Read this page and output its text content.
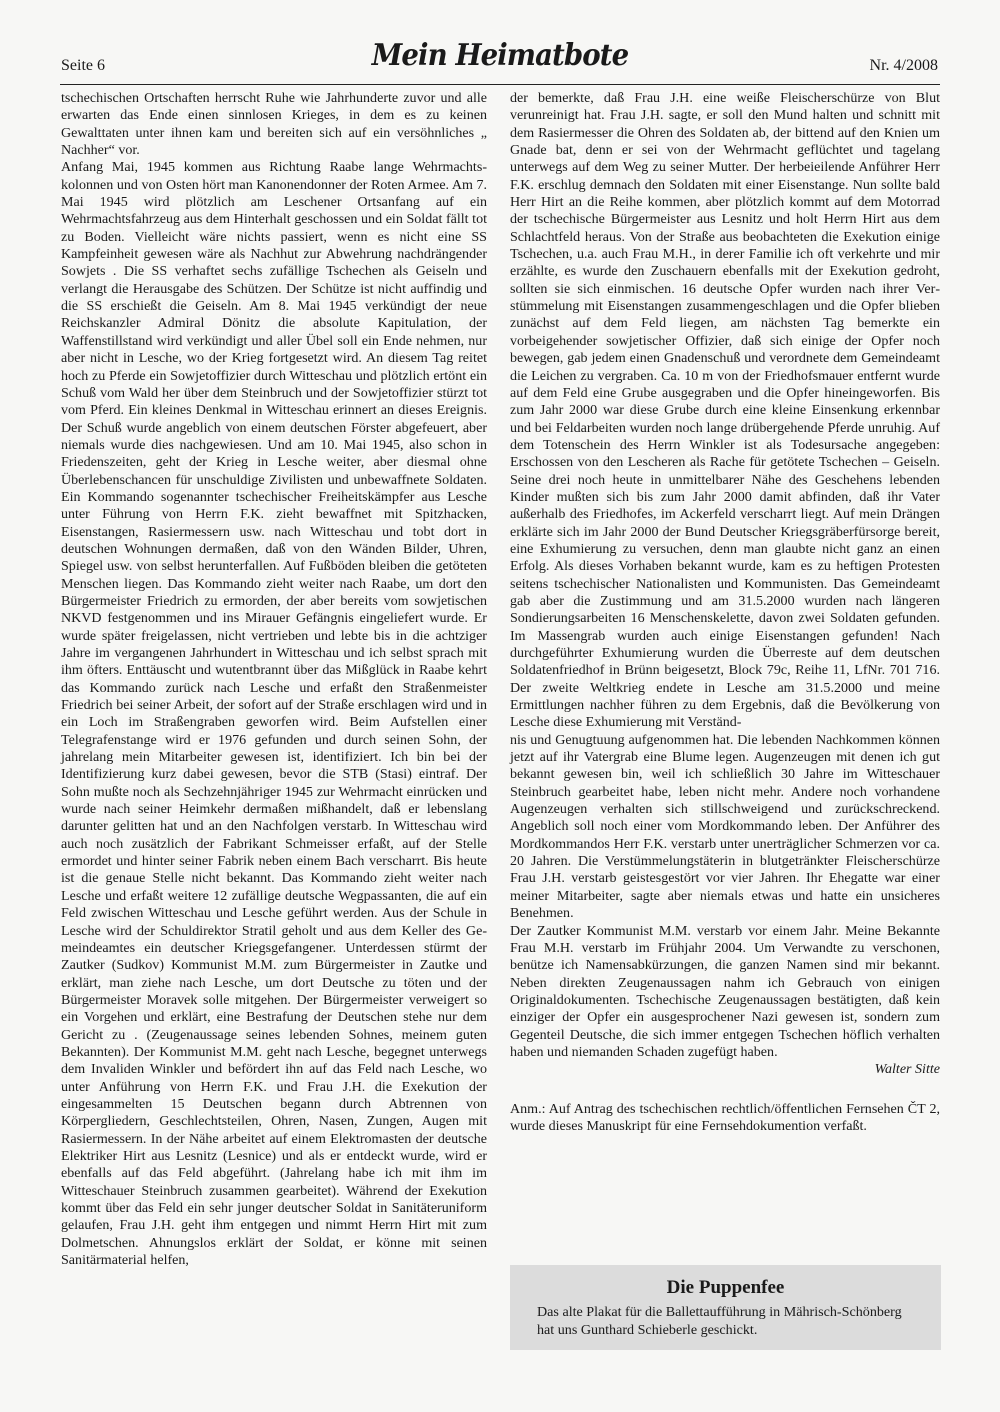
Seite 6	Mein Heimatbote	Nr. 4/2008

tschechischen Ortschaften herrscht Ruhe wie Jahrhunderte zuvor und alle erwarten das Ende einen sinnlosen Krieges, in dem es zu keinen Gewalttaten unter ihnen kam und bereiten sich auf ein versöhnliches „ Nachher“ vor.

Anfang Mai, 1945 kommen aus Richtung Raabe lange Wehrmachtskolonnen und von Osten hört man Kanonendonner der Roten Armee. Am 7. Mai 1945 wird plötzlich am Leschener Ortsanfang auf ein Wehrmachtsfahrzeug aus dem Hinterhalt geschossen und ein Soldat fällt tot zu Boden. Vielleicht wäre nichts passiert, wenn es nicht eine SS Kampfeinheit gewesen wäre als Nachhut zur Abwehrung nachdrängender Sowjets . Die SS verhaftet sechs zufällige Tschechen als Geiseln und verlangt die Herausgabe des Schützen. Der Schütze ist nicht auffindig und die SS erschießt die Geiseln. Am 8. Mai 1945 verkündigt der neue Reichskanzler Admiral Dönitz die absolute Kapitulation, der Waffenstillstand wird verkündigt und aller Übel soll ein Ende nehmen, nur aber nicht in Lesche, wo der Krieg fortgesetzt wird. An diesem Tag reitet hoch zu Pferde ein Sowjetoffizier durch Witteschau und plötzlich ertönt ein Schuß vom Wald her über dem Steinbruch und der Sowjetoffizier stürzt tot vom Pferd. Ein kleines Denkmal in Witteschau erinnert an dieses Ereignis. Der Schuß wurde angeblich von einem deutschen Förster abgefeuert, aber niemals wurde dies nachgewiesen. Und am 10. Mai 1945, also schon in Friedenszeiten, geht der Krieg in Lesche weiter, aber diesmal ohne Überlebenschancen für unschuldige Zivilisten und unbewaffnete Soldaten. Ein Kommando sogenannter tschechischer Freiheitskämpfer aus Lesche unter Führung von Herrn F.K. zieht bewaffnet mit Spitzhacken, Eisenstangen, Rasiermessern usw. nach Witteschau und tobt dort in deutschen Wohnungen dermaßen, daß von den Wänden Bilder, Uhren, Spiegel usw. von selbst herunterfallen. Auf Fußböden bleiben die getöteten Menschen liegen. Das Kommando zieht weiter nach Raabe, um dort den Bürgermeister Friedrich zu ermorden, der aber bereits vom sowjetischen NKVD festgenommen und ins Mirauer Gefängnis eingeliefert wurde. Er wurde später freigelassen, nicht vertrieben und lebte bis in die achtziger Jahre im vergangenen Jahrhundert in Witteschau und ich selbst sprach mit ihm öfters. Enttäuscht und wutentbrannt über das Mißglück in Raabe kehrt das Kommando zurück nach Lesche und erfaßt den Straßenmeister Friedrich bei seiner Arbeit, der sofort auf der Straße erschlagen wird und in ein Loch im Straßengraben geworfen wird. Beim Aufstellen einer Telegrafenstange wird er 1976 gefunden und durch seinen Sohn, der jahrelang mein Mitarbeiter gewesen ist, identifiziert. Ich bin bei der Identifizierung kurz dabei gewesen, bevor die STB (Stasi) eintraf. Der Sohn mußte noch als Sechzehnjähriger 1945 zur Wehrmacht einrücken und wurde nach seiner Heimkehr dermaßen mißhandelt, daß er lebenslang darunter gelitten hat und an den Nachfolgen verstarb. In Witteschau wird auch noch zusätzlich der Fabrikant Schmeisser erfaßt, auf der Stelle ermordet und hinter seiner Fabrik neben einem Bach verscharrt. Bis heute ist die genaue Stelle nicht bekannt. Das Kommando zieht weiter nach Lesche und erfaßt weitere 12 zufällige deutsche Wegpassanten, die auf ein Feld zwischen Witteschau und Lesche geführt werden. Aus der Schule in Lesche wird der Schuldirektor Stratil geholt und aus dem Keller des Gemeindeamtes ein deutscher Kriegsgefangener. Unterdessen stürmt der Zautker (Sudkov) Kommunist M.M. zum Bürgermeister in Zautke und erklärt, man ziehe nach Lesche, um dort Deutsche zu töten und der Bürgermeister Moravek solle mitgehen. Der Bürgermeister verweigert so ein Vorgehen und erklärt, eine Bestrafung der Deutschen stehe nur dem Gericht zu . (Zeugenaussage seines lebenden Sohnes, meinem guten Bekannten). Der Kommunist M.M. geht nach Lesche, begegnet unterwegs dem Invaliden Winkler und befördert ihn auf das Feld nach Lesche, wo unter Anführung von Herrn F.K. und Frau J.H. die Exekution der eingesammelten 15 Deutschen begann durch Abtrennen von Körpergliedern, Geschlechtsteilen, Ohren, Nasen, Zungen, Augen mit Rasiermessern. In der Nähe arbeitet auf einem Elektromasten der deutsche Elektriker Hirt aus Lesnitz (Lesnice) und als er entdeckt wurde, wird er ebenfalls auf das Feld abgeführt. (Jahrelang habe ich mit ihm im Witteschauer Steinbruch zusammen gearbeitet). Während der Exekution kommt über das Feld ein sehr junger deutscher Soldat in Sanitäteruniform gelaufen, Frau J.H. geht ihm entgegen und nimmt Herrn Hirt mit zum Dolmetschen. Ahnungslos erklärt der Soldat, er könne mit seinen Sanitärmaterial helfen,

der bemerkte, daß Frau J.H. eine weiße Fleischerschürze von Blut verunreinigt hat. Frau J.H. sagte, er soll den Mund halten und schnitt mit dem Rasiermesser die Ohren des Soldaten ab, der bittend auf den Knien um Gnade bat, denn er sei von der Wehrmacht geflüchtet und tagelang unterwegs auf dem Weg zu seiner Mutter. Der herbeieilende Anführer Herr F.K. erschlug demnach den Soldaten mit einer Eisenstange. Nun sollte bald Herr Hirt an die Reihe kommen, aber plötzlich kommt auf dem Motorrad der tschechische Bürgermeister aus Lesnitz und holt Herrn Hirt aus dem Schlachtfeld heraus. Von der Straße aus beobachteten die Exekution einige Tschechen, u.a. auch Frau M.H., in derer Familie ich oft verkehrte und mir erzählte, es wurde den Zuschauern ebenfalls mit der Exekution gedroht, sollten sie sich einmischen. 16 deutsche Opfer wurden nach ihrer Verstümmelung mit Eisenstangen zusammengeschlagen und die Opfer blieben zunächst auf dem Feld liegen, am nächsten Tag bemerkte ein vorbeigehender sowjetischer Offizier, daß sich einige der Opfer noch bewegen, gab jedem einen Gnadenschuß und verordnete dem Gemeindeamt die Leichen zu vergraben. Ca. 10 m von der Friedhofsmauer entfernt wurde auf dem Feld eine Grube ausgegraben und die Opfer hineingeworfen. Bis zum Jahr 2000 war diese Grube durch eine kleine Einsenkung erkennbar und bei Feldarbeiten wurden noch lange drübergehende Pferde unruhig. Auf dem Totenschein des Herrn Winkler ist als Todesursache angegeben: Erschossen von den Lescheren als Rache für getötete Tschechen – Geiseln. Seine drei noch heute in unmittelbarer Nähe des Geschehens lebenden Kinder mußten sich bis zum Jahr 2000 damit abfinden, daß ihr Vater außerhalb des Friedhofes, im Ackerfeld verscharrt liegt. Auf mein Drängen erklärte sich im Jahr 2000 der Bund Deutscher Kriegsgräberfürsorge bereit, eine Exhumierung zu versuchen, denn man glaubte nicht ganz an einen Erfolg. Als dieses Vorhaben bekannt wurde, kam es zu heftigen Protesten seitens tschechischer Nationalisten und Kommunisten. Das Gemeindeamt gab aber die Zustimmung und am 31.5.2000 wurden nach längeren Sondierungsarbeiten 16 Menschenskelette, davon zwei Soldaten gefunden. Im Massengrab wurden auch einige Eisenstangen gefunden! Nach durchgeführter Exhumierung wurden die Überreste auf dem deutschen Soldatenfriedhof in Brünn beigesetzt, Block 79c, Reihe 11, LfNr. 701 716. Der zweite Weltkrieg endete in Lesche am 31.5.2000 und meine Ermittlungen nachher führen zu dem Ergebnis, daß die Bevölkerung von Lesche diese Exhumierung mit Verständ-

nis und Genugtuung aufgenommen hat. Die lebenden Nachkommen können jetzt auf ihr Vatergrab eine Blume legen. Augenzeugen mit denen ich gut bekannt gewesen bin, weil ich schließlich 30 Jahre im Witteschauer Steinbruch gearbeitet habe, leben nicht mehr. Andere noch vorhandene Augenzeugen verhalten sich stillschweigend und zurückschreckend. Angeblich soll noch einer vom Mordkommando leben. Der Anführer des Mordkommandos Herr F.K. verstarb unter unerträglicher Schmerzen vor ca. 20 Jahren. Die Verstümmelungstäterin in blutgetränkter Fleischerschürze Frau J.H. verstarb geistesgestört vor vier Jahren. Ihr Ehegatte war einer meiner Mitarbeiter, sagte aber niemals etwas und hatte ein unsicheres Benehmen.

Der Zautker Kommunist M.M. verstarb vor einem Jahr. Meine Bekannte Frau M.H. verstarb im Frühjahr 2004. Um Verwandte zu verschonen, benütze ich Namensabkürzungen, die ganzen Namen sind mir bekannt. Neben direkten Zeugenaussagen nahm ich Gebrauch von einigen Originaldokumenten. Tschechische Zeugenaussagen bestätigten, daß kein einziger der Opfer ein ausgesprochener Nazi gewesen ist, sondern zum Gegenteil Deutsche, die sich immer entgegen Tschechen höflich verhalten haben und niemanden Schaden zugefügt haben.

Walter Sitte

Anm.: Auf Antrag des tschechischen rechtlich/öffentlichen Fernsehen ČT 2, wurde dieses Manuskript für eine Fernsehdokumention verfaßt.

Die Puppenfee
Das alte Plakat für die Ballettaufführung in Mährisch-Schönberg hat uns Gunthard Schieberle geschickt.
